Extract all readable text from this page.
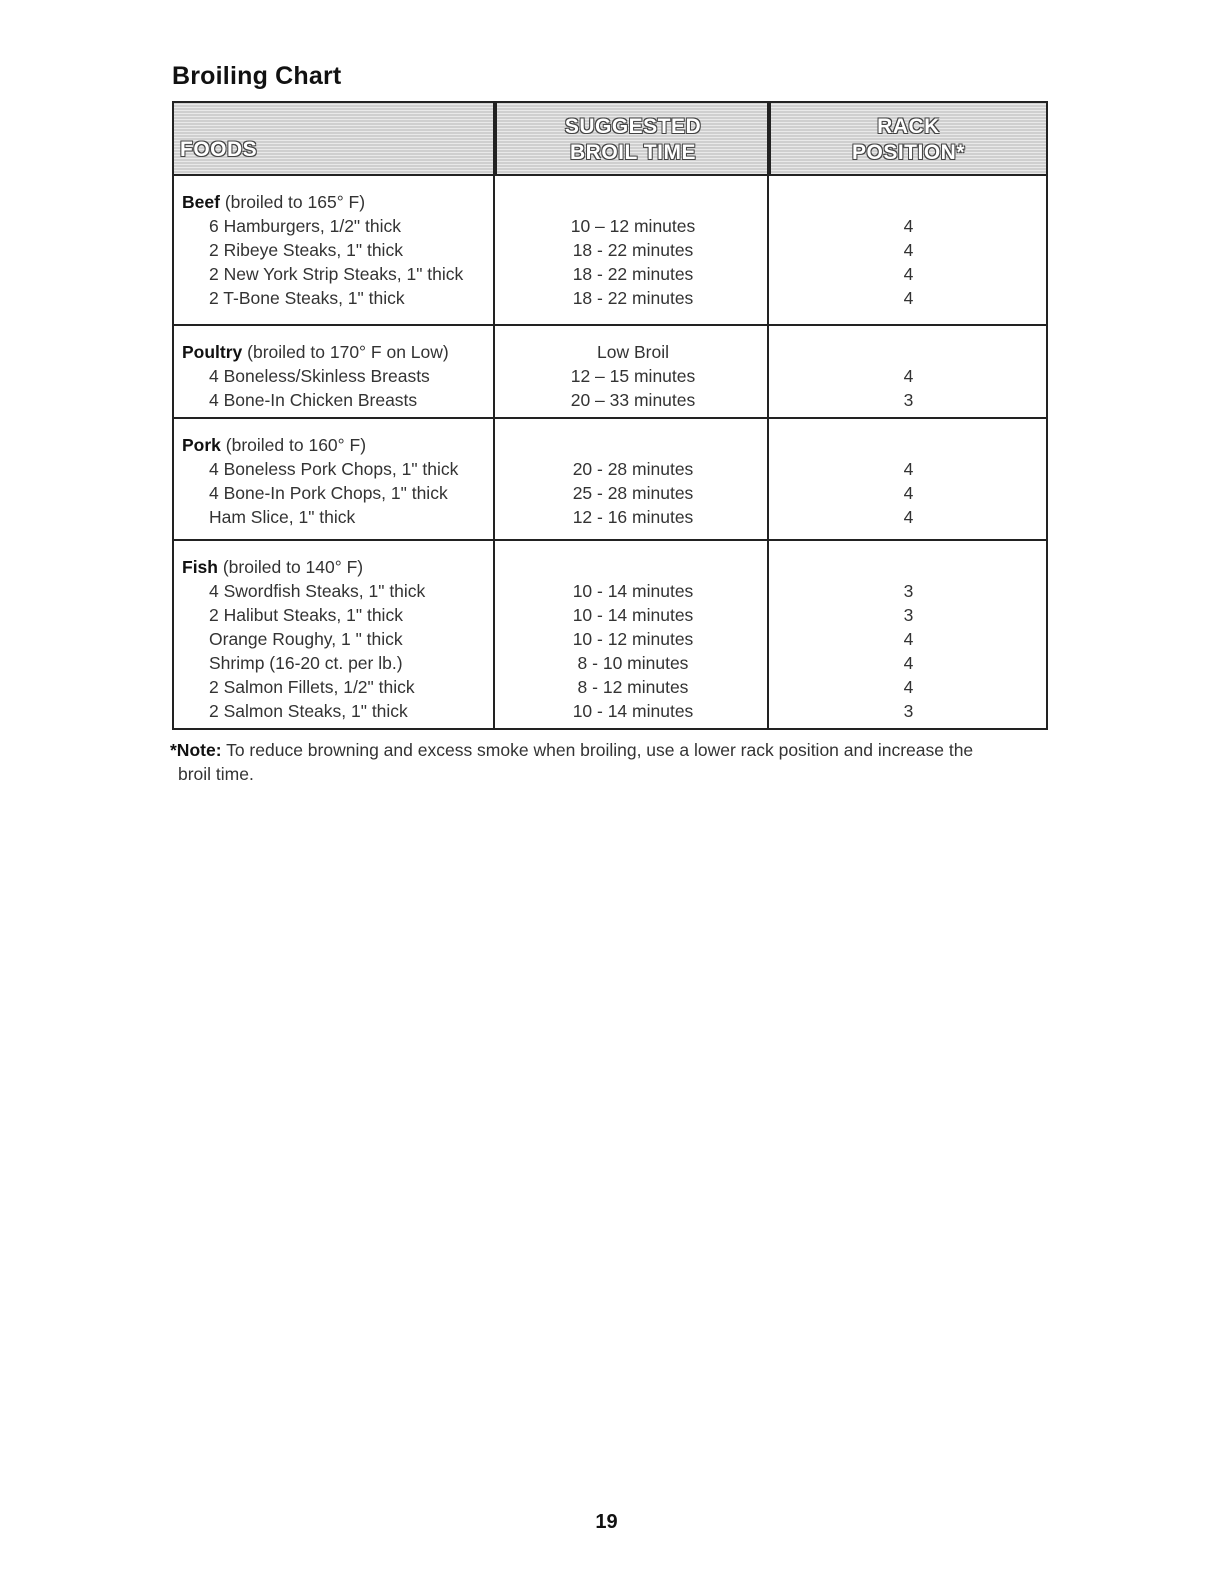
Broiling Chart
FOODS
SUGGESTED
BROIL TIME
RACK
POSITION*
Beef (broiled to 165° F)
6 Hamburgers, 1/2" thick
2 Ribeye Steaks, 1" thick
2 New York Strip Steaks, 1" thick
2 T-Bone Steaks, 1" thick
10 – 12 minutes
18 - 22 minutes
18 - 22 minutes
18 - 22 minutes
4
4
4
4
Poultry (broiled to 170° F on Low)
4 Boneless/Skinless Breasts
4 Bone-In Chicken Breasts
Low Broil
12 – 15 minutes
20 – 33 minutes
4
3
Pork (broiled to 160° F)
4 Boneless Pork Chops, 1" thick
4 Bone-In Pork Chops, 1" thick
Ham Slice, 1" thick
20 - 28 minutes
25 - 28 minutes
12 - 16 minutes
4
4
4
Fish (broiled to 140° F)
4 Swordfish Steaks, 1" thick
2 Halibut Steaks, 1" thick
Orange Roughy, 1 " thick
Shrimp (16-20 ct. per lb.)
2 Salmon Fillets, 1/2" thick
2 Salmon Steaks, 1" thick
10 - 14 minutes
10 - 14 minutes
10 - 12 minutes
8 - 10 minutes
8 - 12 minutes
10 - 14 minutes
3
3
4
4
4
3
*Note: To reduce browning and excess smoke when broiling, use a lower rack position and increase the
broil time.
19
